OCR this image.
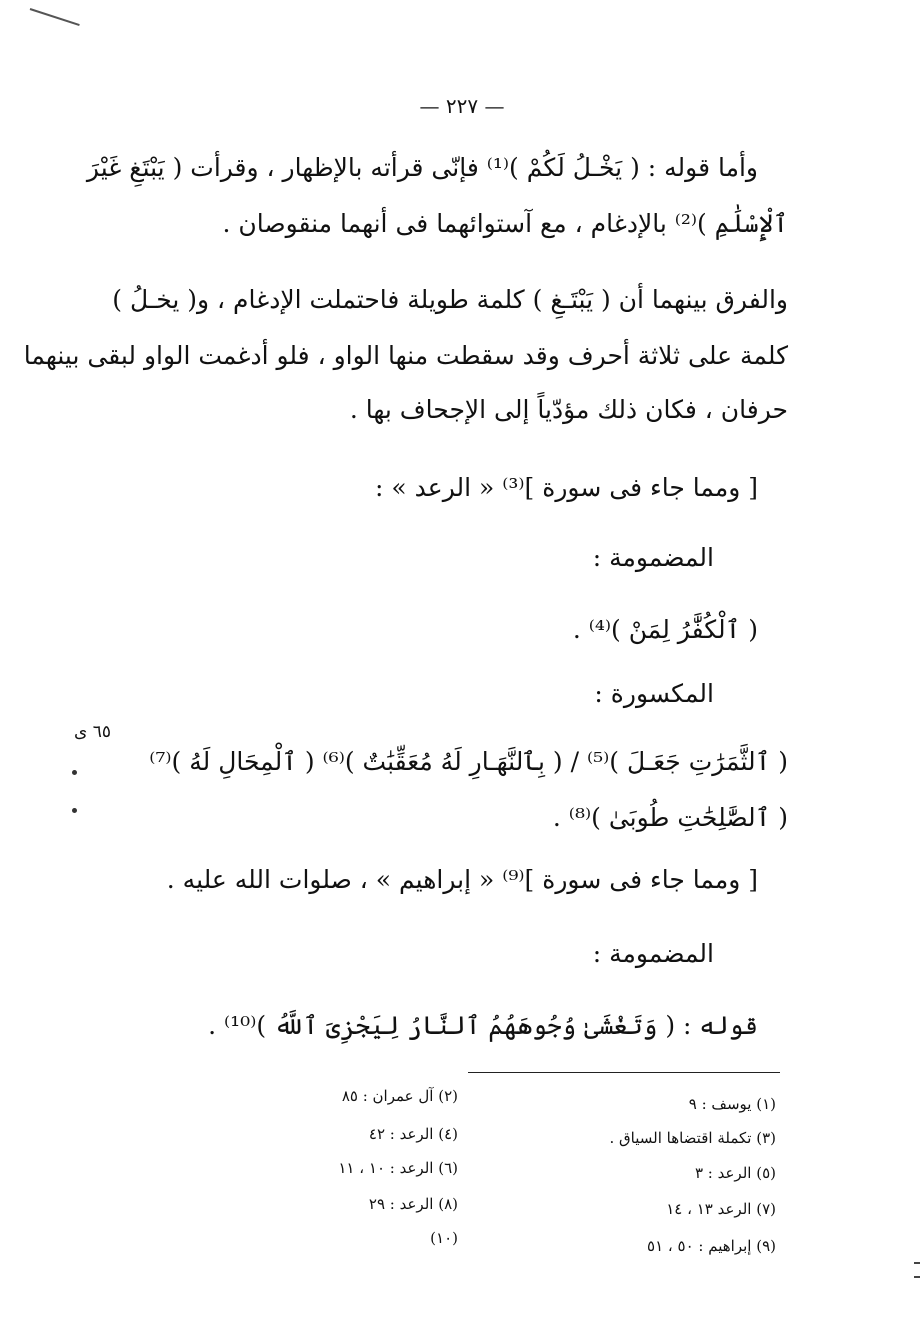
— ٢٢٧ —
وأما قوله : ( يَخْـلُ لَكُمْ )⁽¹⁾ فإنّى قرأته بالإظهار ، وقرأت ( يَبْتَغِ غَيْرَ
ٱلْإِسْلَٰمِ )⁽²⁾ بالإدغام ، مع آستوائهما فى أنهما منقوصان .
والفرق بينهما أن ( يَبْتَـغِ ) كلمة طويلة فاحتملت الإدغام ، و( يخـلُ )
كلمة على ثلاثة أحرف وقد سقطت منها الواو ، فلو أدغمت الواو لبقى بينهما
حرفان ، فكان ذلك مؤدّياً إلى الإجحاف بها .
[ ومما جاء فى سورة ]⁽³⁾ « الرعد » :
المضمومة :
( ٱلْكُفَّٰرُ لِمَنْ )⁽⁴⁾ .
المكسورة :
( ٱلثَّمَرَٰتِ جَعَـلَ )⁽⁵⁾ / ( بِٱلنَّهَـارِ لَهُ مُعَقِّبَٰتٌ )⁽⁶⁾ ( ٱلْمِحَالِ لَهُ )⁽⁷⁾
( ٱلصَّٰلِحَٰتِ طُوبَىٰ )⁽⁸⁾ .
[ ومما جاء فى سورة ]⁽⁹⁾ « إبراهيم » ، صلوات الله عليه .
المضمومة :
قوله : ( وَتَغْشَىٰ وُجُوهَهُمُ ٱلنَّارُ لِيَجْزِىَ ٱللَّهُ )⁽¹⁰⁾ .
٦٥ ى
(١) يوسف : ٩
(٣) تكملة اقتضاها السياق .
(٥) الرعد : ٣
(٧) الرعد ١٣ ، ١٤
(٩) إبراهيم : ٥٠ ، ٥١
(٢) آل عمران : ٨٥
(٤) الرعد : ٤٢
(٦) الرعد : ١٠ ، ١١
(٨) الرعد : ٢٩
(١٠)
